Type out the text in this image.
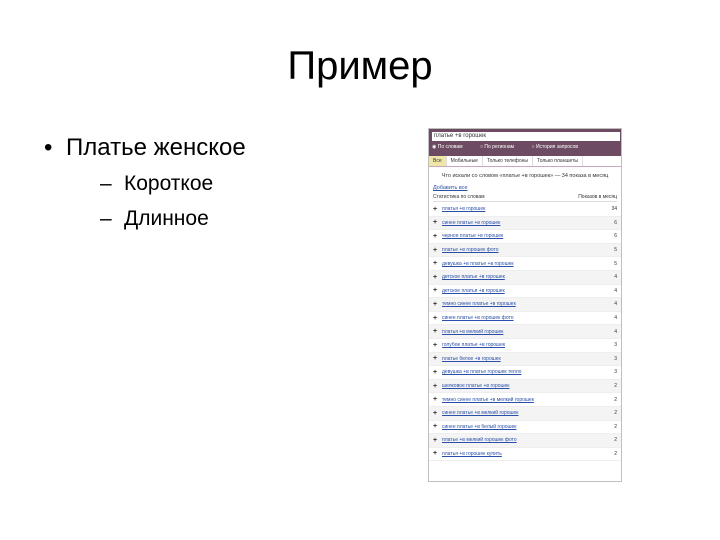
Пример
• Платье женское
– Короткое
– Длинное
платье +в горошек
◉ По словам	○ По регионам	○ История запросов
Все	Мобильные	Только телефоны	Только планшеты
Что искали со словом «платье +в горошек» — 34 показа в месяц
Добавить все
Статистика по словам	Показов в месяц
+ платья +в горошек	34
+ синее платье +в горошек	6
+ черное платье +в горошек	6
+ платье +в горошек фото	5
+ девушка +в платье +в горошек	5
+ детское платье +в горошек	4
+ детское платья +в горошек	4
+ темно синее платье +в горошек	4
+ синее платье +в горошек фото	4
+ платья +в мелкий горошек	4
+ голубое платье +в горошек	3
+ платье белое +в горошек	3
+ девушка +в платье горошек тепло	3
+ шелковое платье +в горошек	2
+ темно синее платье +в мелкий горошек	2
+ синее платье +в мелкий горошек	2
+ синее платье +в белый горошек	2
+ платье +в мелкий горошек фото	2
+ платья +в горошек купить	2
